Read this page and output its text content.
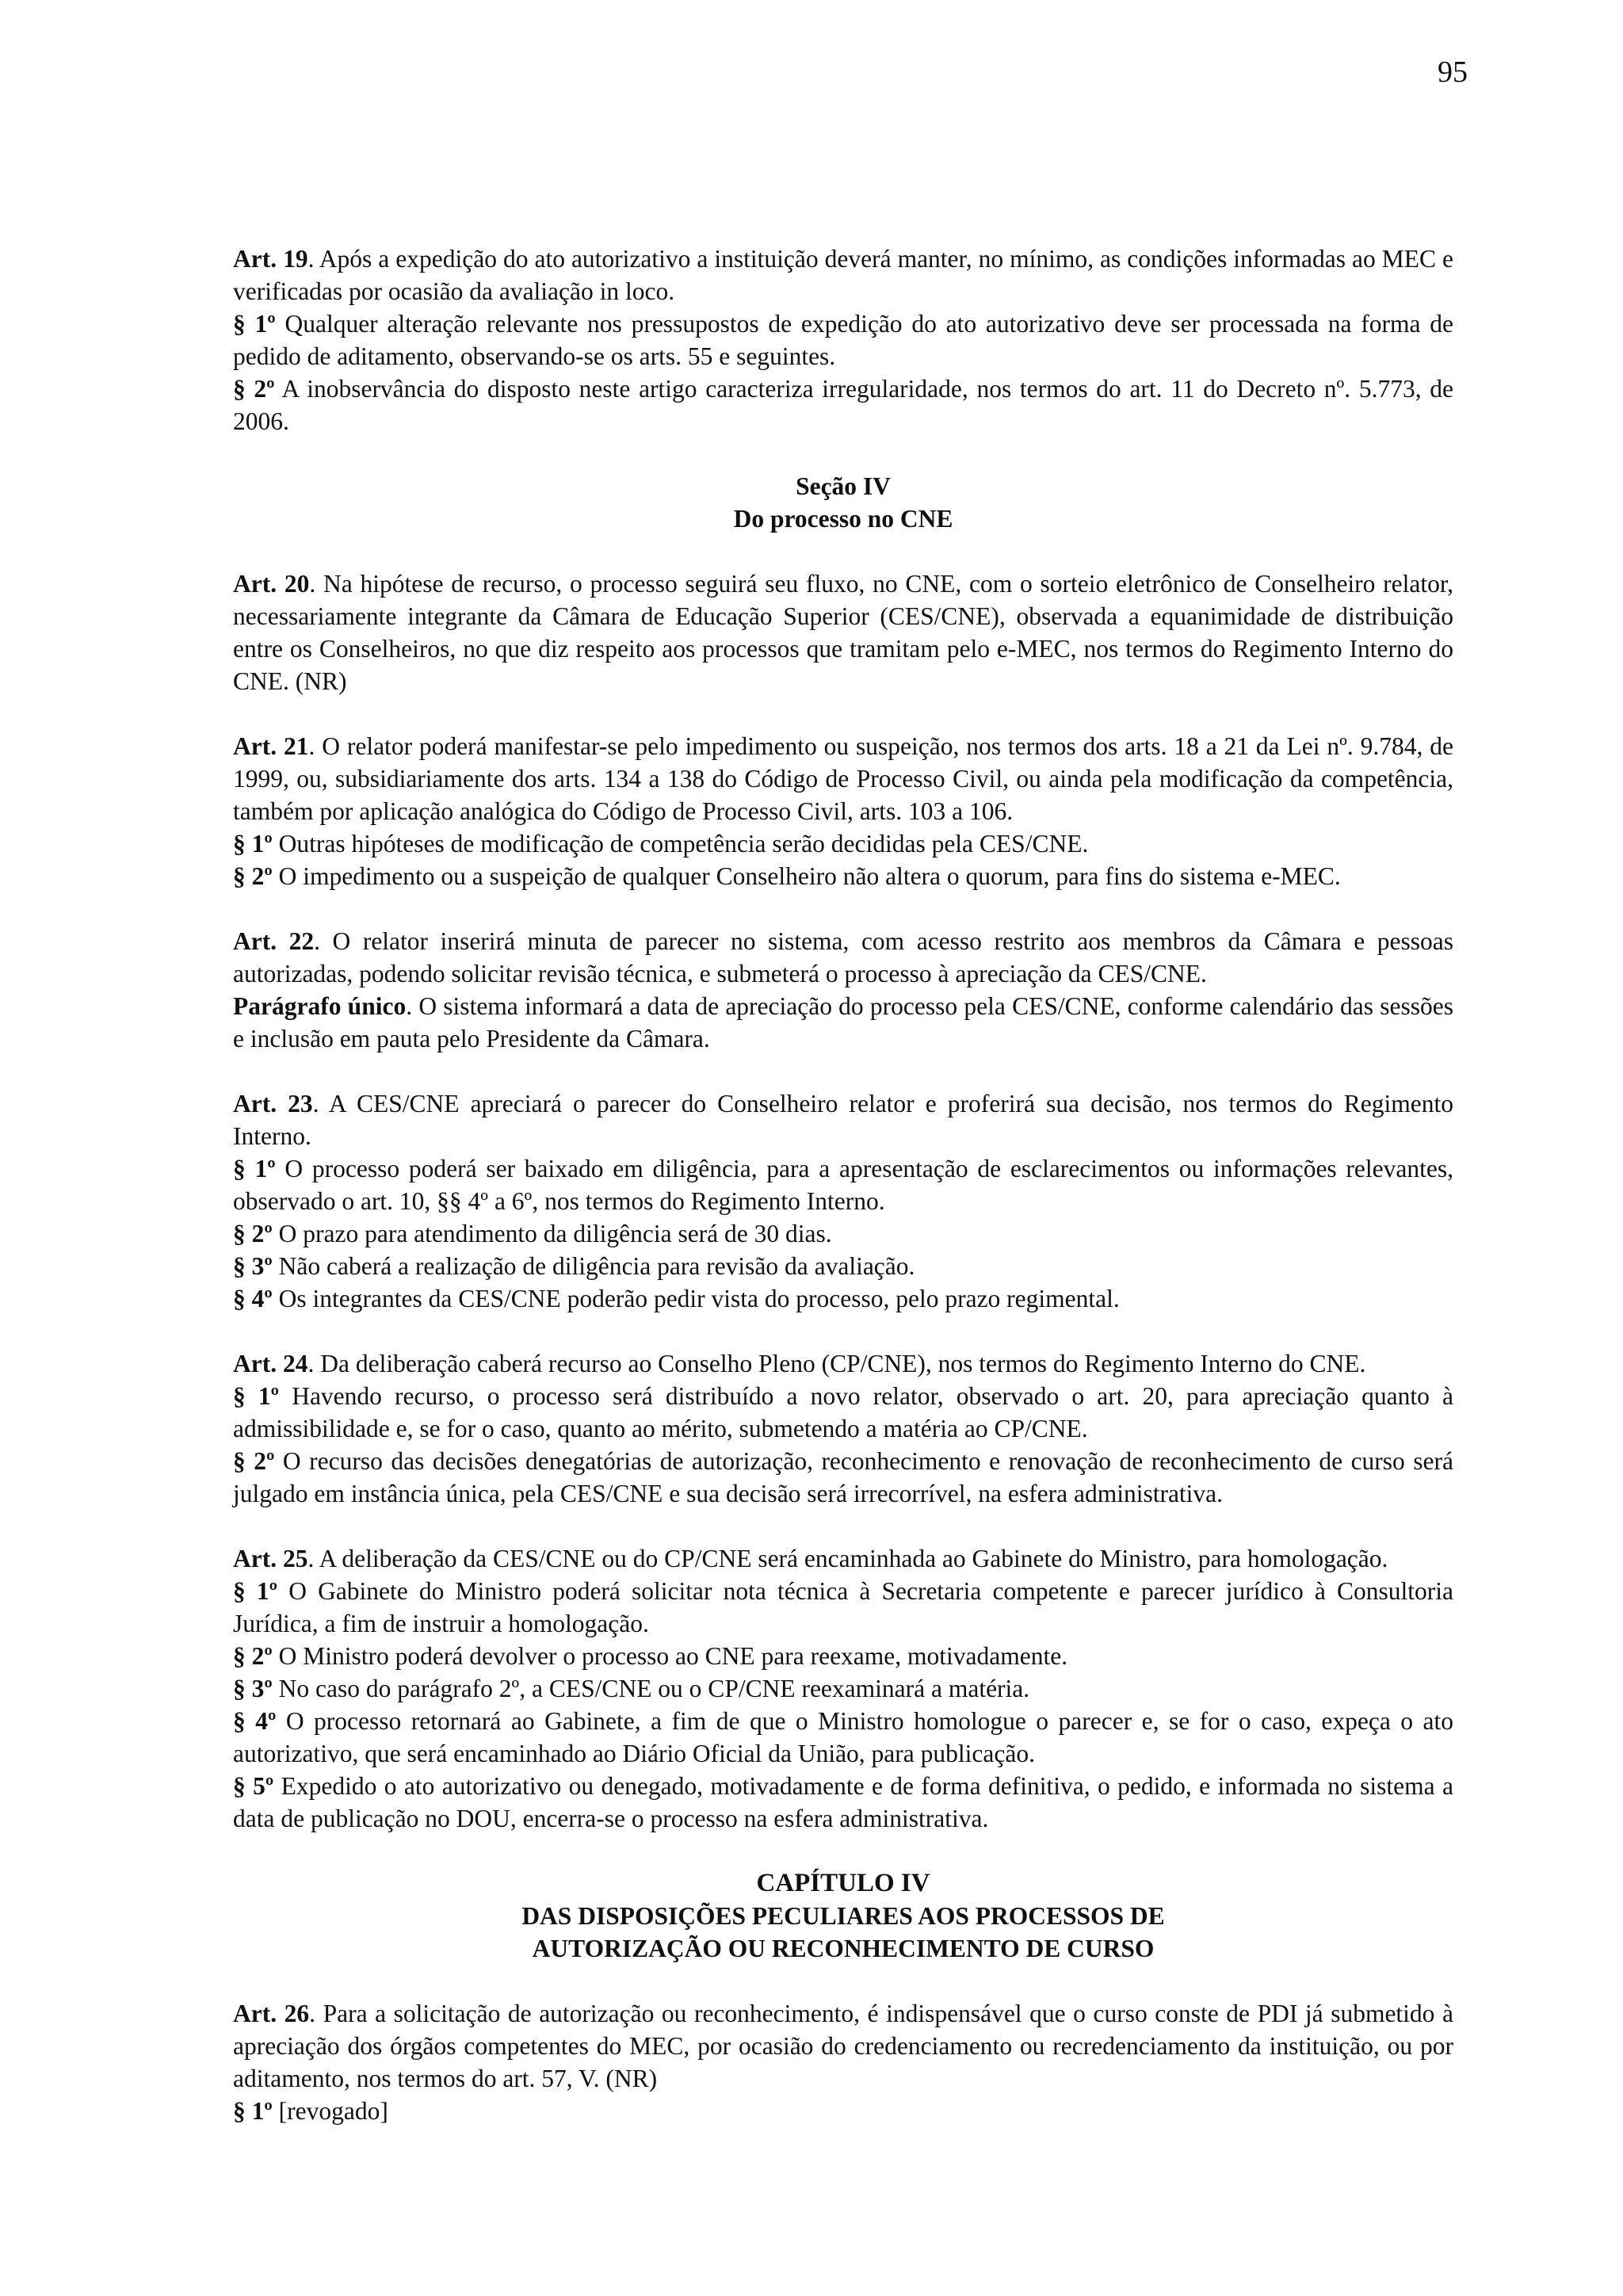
95

Art. 19. Após a expedição do ato autorizativo a instituição deverá manter, no mínimo, as condições informadas ao MEC e verificadas por ocasião da avaliação in loco.

§ 1º Qualquer alteração relevante nos pressupostos de expedição do ato autorizativo deve ser processada na forma de pedido de aditamento, observando-se os arts. 55 e seguintes.

§ 2º A inobservância do disposto neste artigo caracteriza irregularidade, nos termos do art. 11 do Decreto nº. 5.773, de 2006.

Seção IV
Do processo no CNE

Art. 20. Na hipótese de recurso, o processo seguirá seu fluxo, no CNE, com o sorteio eletrônico de Conselheiro relator, necessariamente integrante da Câmara de Educação Superior (CES/CNE), observada a equanimidade de distribuição entre os Conselheiros, no que diz respeito aos processos que tramitam pelo e-MEC, nos termos do Regimento Interno do CNE. (NR)

Art. 21. O relator poderá manifestar-se pelo impedimento ou suspeição, nos termos dos arts. 18 a 21 da Lei nº. 9.784, de 1999, ou, subsidiariamente dos arts. 134 a 138 do Código de Processo Civil, ou ainda pela modificação da competência, também por aplicação analógica do Código de Processo Civil, arts. 103 a 106.

§ 1º Outras hipóteses de modificação de competência serão decididas pela CES/CNE.

§ 2º O impedimento ou a suspeição de qualquer Conselheiro não altera o quorum, para fins do sistema e-MEC.

Art. 22. O relator inserirá minuta de parecer no sistema, com acesso restrito aos membros da Câmara e pessoas autorizadas, podendo solicitar revisão técnica, e submeterá o processo à apreciação da CES/CNE.

Parágrafo único. O sistema informará a data de apreciação do processo pela CES/CNE, conforme calendário das sessões e inclusão em pauta pelo Presidente da Câmara.

Art. 23. A CES/CNE apreciará o parecer do Conselheiro relator e proferirá sua decisão, nos termos do Regimento Interno.

§ 1º O processo poderá ser baixado em diligência, para a apresentação de esclarecimentos ou informações relevantes, observado o art. 10, §§ 4º a 6º, nos termos do Regimento Interno.

§ 2º O prazo para atendimento da diligência será de 30 dias.

§ 3º Não caberá a realização de diligência para revisão da avaliação.

§ 4º Os integrantes da CES/CNE poderão pedir vista do processo, pelo prazo regimental.

Art. 24. Da deliberação caberá recurso ao Conselho Pleno (CP/CNE), nos termos do Regimento Interno do CNE.

§ 1º Havendo recurso, o processo será distribuído a novo relator, observado o art. 20, para apreciação quanto à admissibilidade e, se for o caso, quanto ao mérito, submetendo a matéria ao CP/CNE.

§ 2º O recurso das decisões denegatórias de autorização, reconhecimento e renovação de reconhecimento de curso será julgado em instância única, pela CES/CNE e sua decisão será irrecorrível, na esfera administrativa.

Art. 25. A deliberação da CES/CNE ou do CP/CNE será encaminhada ao Gabinete do Ministro, para homologação.

§ 1º O Gabinete do Ministro poderá solicitar nota técnica à Secretaria competente e parecer jurídico à Consultoria Jurídica, a fim de instruir a homologação.

§ 2º O Ministro poderá devolver o processo ao CNE para reexame, motivadamente.

§ 3º No caso do parágrafo 2º, a CES/CNE ou o CP/CNE reexaminará a matéria.

§ 4º O processo retornará ao Gabinete, a fim de que o Ministro homologue o parecer e, se for o caso, expeça o ato autorizativo, que será encaminhado ao Diário Oficial da União, para publicação.

§ 5º Expedido o ato autorizativo ou denegado, motivadamente e de forma definitiva, o pedido, e informada no sistema a data de publicação no DOU, encerra-se o processo na esfera administrativa.

CAPÍTULO IV
DAS DISPOSIÇÕES PECULIARES AOS PROCESSOS DE
AUTORIZAÇÃO OU RECONHECIMENTO DE CURSO

Art. 26. Para a solicitação de autorização ou reconhecimento, é indispensável que o curso conste de PDI já submetido à apreciação dos órgãos competentes do MEC, por ocasião do credenciamento ou recredenciamento da instituição, ou por aditamento, nos termos do art. 57, V. (NR)

§ 1º [revogado]
